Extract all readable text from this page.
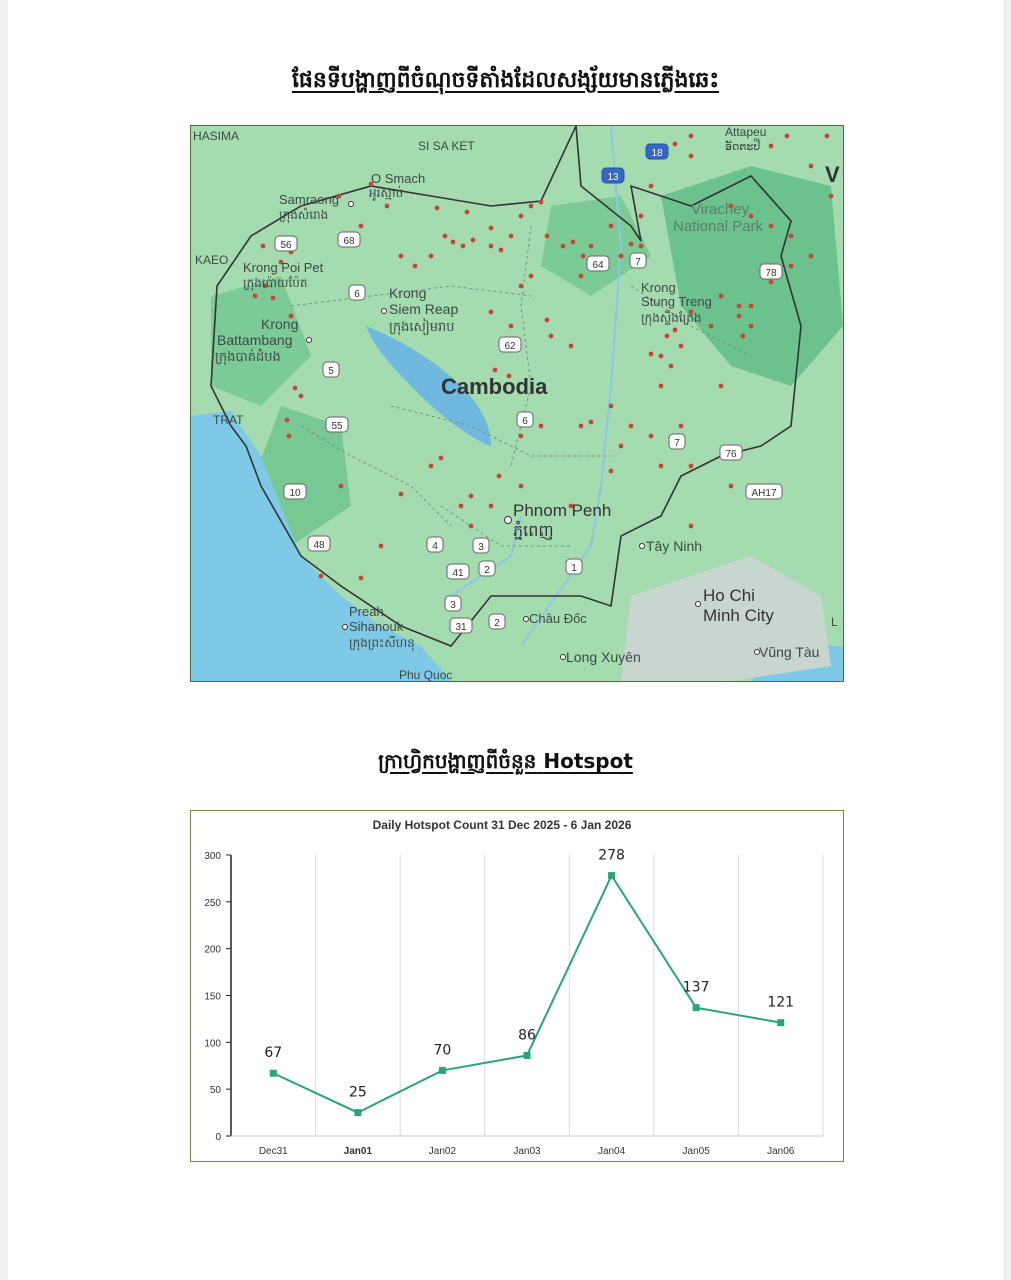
ផែនទីបង្ហាញពីចំណុចទីតាំងដែលសង្ស័យមានភ្លើងឆេះ
18
13
68
64	7
6
62
5
78
55	6
7
76
10	AH17
48	4	3
41 2	1
3
31	2
56
HASIMA
SI SA KET
Attapeu
ອັດຕະປື
O Smach
អូរស្មាច់
Samraong
ក្រុងសំរោង
KAEO Krong Poi Pet
ក្រុងប៉ោយប៉ែត
Krong
Siem Reap
ក្រុងសៀមរាប
Krong
Battambang
ក្រុងបាត់ដំបង
Virachey
National Park
Krong
Stung Treng
ក្រុងស្ទឹងត្រែង
TRAT
Cambodia
Phnom Penh
ភ្នំពេញ
Tây Ninh
Ho Chi
Minh City
Preah
Sihanouk
ក្រុងព្រះសីហនុ
Châu Đốc
Long Xuyên	Vũng Tàu
Phu Quoc
V
L
ក្រាហ្វិកបង្ហាញពីចំនួន Hotspot
Daily Hotspot Count 31 Dec 2025 - 6 Jan 2026
0
50
100
150
200
250
300
Dec31	Jan01	Jan02	Jan03	Jan04	Jan05	Jan06
67
25
70
86
278
137
121
